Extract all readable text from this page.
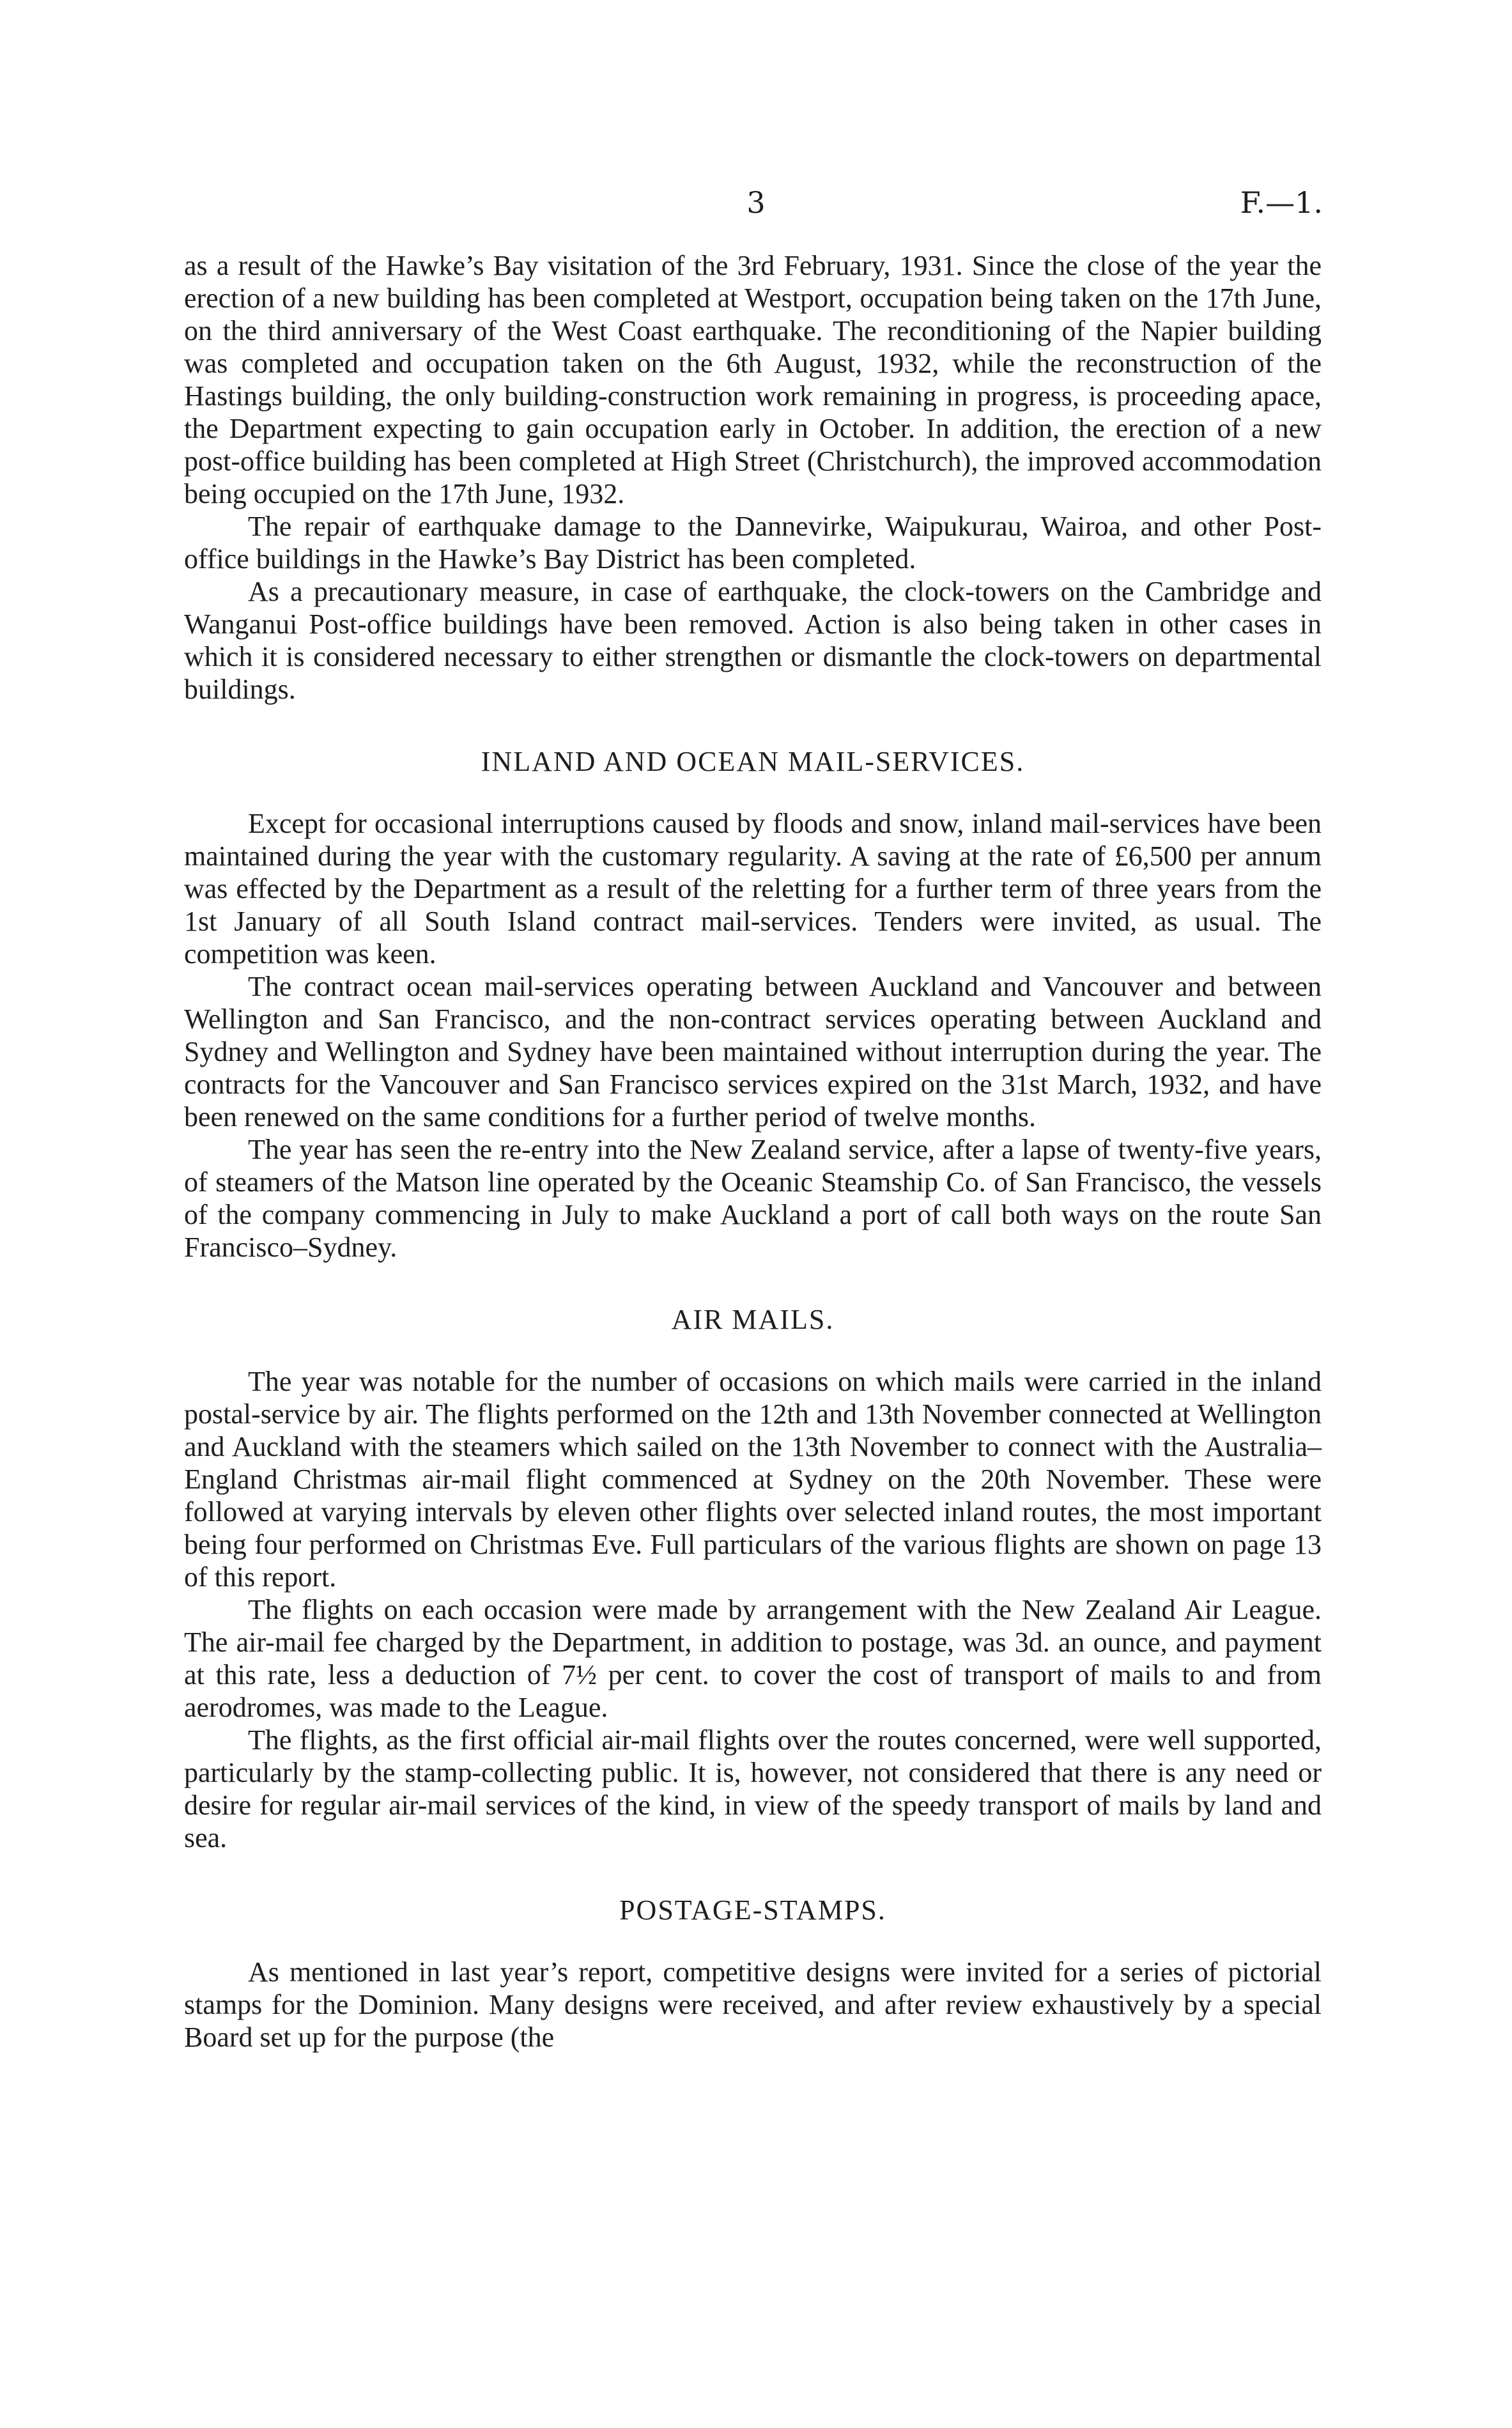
3	F.—1.

as a result of the Hawke’s Bay visitation of the 3rd February, 1931. Since the close of the year the erection of a new building has been completed at Westport, occupation being taken on the 17th June, on the third anniversary of the West Coast earthquake. The reconditioning of the Napier building was completed and occupation taken on the 6th August, 1932, while the reconstruction of the Hastings building, the only building-construction work remaining in progress, is proceeding apace, the Department expecting to gain occupation early in October. In addition, the erection of a new post-office building has been completed at High Street (Christchurch), the improved accommodation being occupied on the 17th June, 1932.

The repair of earthquake damage to the Dannevirke, Waipukurau, Wairoa, and other Post-office buildings in the Hawke’s Bay District has been completed.

As a precautionary measure, in case of earthquake, the clock-towers on the Cambridge and Wanganui Post-office buildings have been removed. Action is also being taken in other cases in which it is considered necessary to either strengthen or dismantle the clock-towers on departmental buildings.

INLAND AND OCEAN MAIL-SERVICES.

Except for occasional interruptions caused by floods and snow, inland mail-services have been maintained during the year with the customary regularity. A saving at the rate of £6,500 per annum was effected by the Department as a result of the reletting for a further term of three years from the 1st January of all South Island contract mail-services. Tenders were invited, as usual. The competition was keen.

The contract ocean mail-services operating between Auckland and Vancouver and between Wellington and San Francisco, and the non-contract services operating between Auckland and Sydney and Wellington and Sydney have been maintained without interruption during the year. The contracts for the Vancouver and San Francisco services expired on the 31st March, 1932, and have been renewed on the same conditions for a further period of twelve months.

The year has seen the re-entry into the New Zealand service, after a lapse of twenty-five years, of steamers of the Matson line operated by the Oceanic Steamship Co. of San Francisco, the vessels of the company commencing in July to make Auckland a port of call both ways on the route San Francisco–Sydney.

AIR MAILS.

The year was notable for the number of occasions on which mails were carried in the inland postal-service by air. The flights performed on the 12th and 13th November connected at Wellington and Auckland with the steamers which sailed on the 13th November to connect with the Australia–England Christmas air-mail flight commenced at Sydney on the 20th November. These were followed at varying intervals by eleven other flights over selected inland routes, the most important being four performed on Christmas Eve. Full particulars of the various flights are shown on page 13 of this report.

The flights on each occasion were made by arrangement with the New Zealand Air League. The air-mail fee charged by the Department, in addition to postage, was 3d. an ounce, and payment at this rate, less a deduction of 7½ per cent. to cover the cost of transport of mails to and from aerodromes, was made to the League.

The flights, as the first official air-mail flights over the routes concerned, were well supported, particularly by the stamp-collecting public. It is, however, not considered that there is any need or desire for regular air-mail services of the kind, in view of the speedy transport of mails by land and sea.

POSTAGE-STAMPS.

As mentioned in last year’s report, competitive designs were invited for a series of pictorial stamps for the Dominion. Many designs were received, and after review exhaustively by a special Board set up for the purpose (the
